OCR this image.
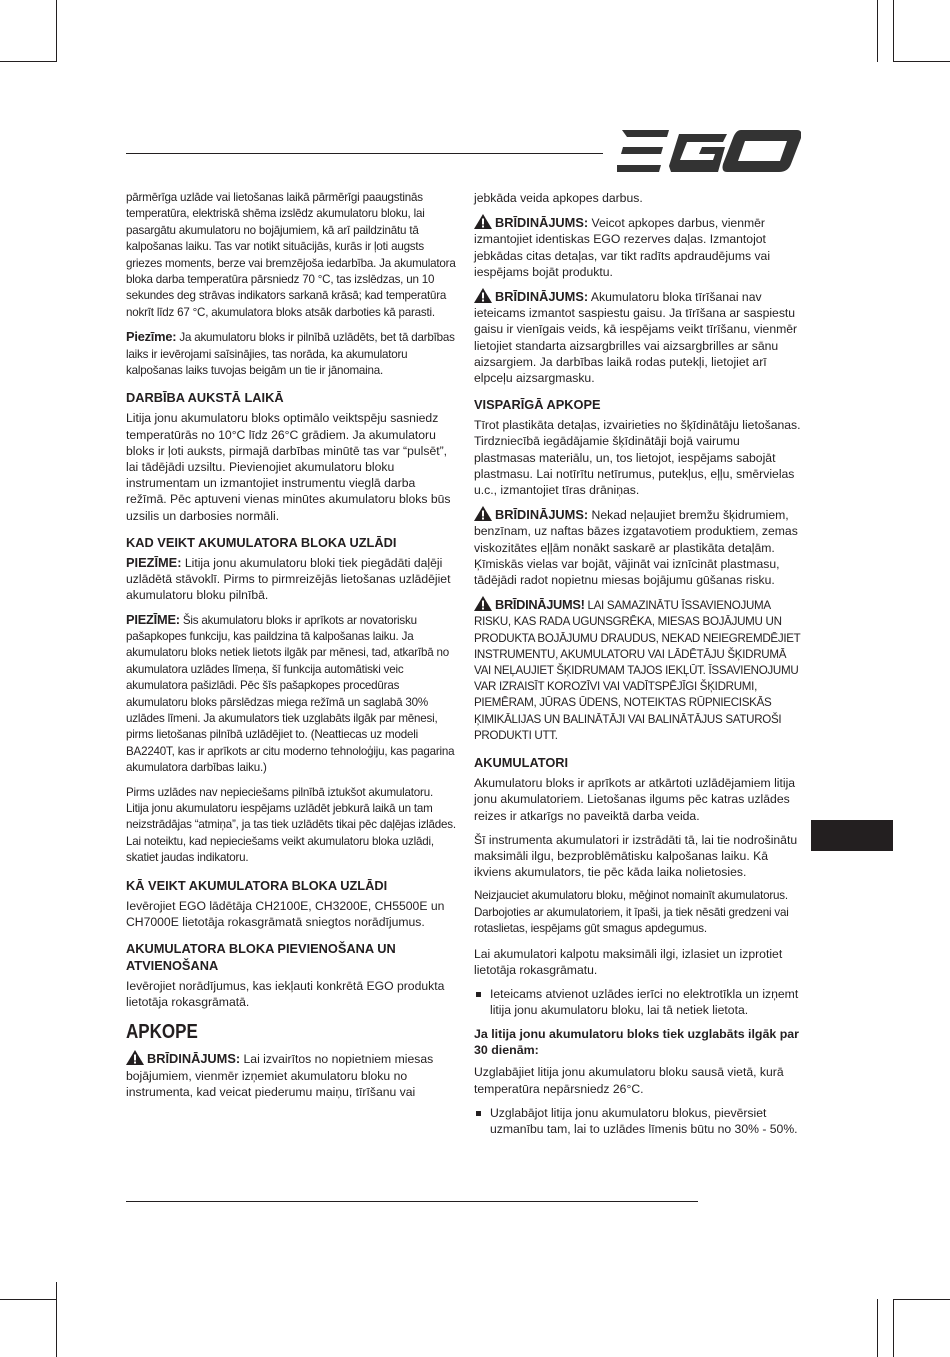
EGO

pārmērīga uzlāde vai lietošanas laikā pārmērīgi paaugstinās temperatūra, elektriskā shēma izslēdz akumulatoru bloku, lai pasargātu akumulatoru no bojājumiem, kā arī paildzinātu tā kalpošanas laiku. Tas var notikt situācijās, kurās ir ļoti augsts griezes moments, berze vai bremzējoša iedarbība. Ja akumulatora bloka darba temperatūra pārsniedz 70 °C, tas izslēdzas, un 10 sekundes deg strāvas indikators sarkanā krāsā; kad temperatūra nokrīt līdz 67 °C, akumulatora bloks atsāk darboties kā parasti.

Piezīme: Ja akumulatoru bloks ir pilnībā uzlādēts, bet tā darbības laiks ir ievērojami saīsinājies, tas norāda, ka akumulatoru kalpošanas laiks tuvojas beigām un tie ir jānomaina.

DARBĪBA AUKSTĀ LAIKĀ

Litija jonu akumulatoru bloks optimālo veiktspēju sasniedz temperatūrās no 10°C līdz 26°C grādiem. Ja akumulatoru bloks ir ļoti auksts, pirmajā darbības minūtē tas var “pulsēt”, lai tādējādi uzsiltu. Pievienojiet akumulatoru bloku instrumentam un izmantojiet instrumentu vieglā darba režīmā. Pēc aptuveni vienas minūtes akumulatoru bloks būs uzsilis un darbosies normāli.

KAD VEIKT AKUMULATORA BLOKA UZLĀDI

PIEZĪME: Litija jonu akumulatoru bloki tiek piegādāti daļēji uzlādētā stāvoklī. Pirms to pirmreizējās lietošanas uzlādējiet akumulatoru bloku pilnībā.

PIEZĪME: Šis akumulatoru bloks ir aprīkots ar novatorisku pašapkopes funkciju, kas paildzina tā kalpošanas laiku. Ja akumulatoru bloks netiek lietots ilgāk par mēnesi, tad, atkarībā no akumulatora uzlādes līmeņa, šī funkcija automātiski veic akumulatora pašizlādi. Pēc šīs pašapkopes procedūras akumulatoru bloks pārslēdzas miega režīmā un saglabā 30% uzlādes līmeni. Ja akumulators tiek uzglabāts ilgāk par mēnesi, pirms lietošanas pilnībā uzlādējiet to. (Neattiecas uz modeli BA2240T, kas ir aprīkots ar citu moderno tehnoloģiju, kas pagarina akumulatora darbības laiku.)

Pirms uzlādes nav nepieciešams pilnībā iztukšot akumulatoru. Litija jonu akumulatoru iespējams uzlādēt jebkurā laikā un tam neizstrādājas “atmiņa”, ja tas tiek uzlādēts tikai pēc daļējas izlādes. Lai noteiktu, kad nepieciešams veikt akumulatoru bloka uzlādi, skatiet jaudas indikatoru.

KĀ VEIKT AKUMULATORA BLOKA UZLĀDI

Ievērojiet EGO lādētāja CH2100E, CH3200E, CH5500E un CH7000E lietotāja rokasgrāmatā sniegtos norādījumus.

AKUMULATORA BLOKA PIEVIENOŠANA UN ATVIENOŠANA

Ievērojiet norādījumus, kas iekļauti konkrētā EGO produkta lietotāja rokasgrāmatā.

APKOPE

BRĪDINĀJUMS: Lai izvairītos no nopietniem miesas bojājumiem, vienmēr izņemiet akumulatoru bloku no instrumenta, kad veicat piederumu maiņu, tīrīšanu vai

jebkāda veida apkopes darbus.

BRĪDINĀJUMS: Veicot apkopes darbus, vienmēr izmantojiet identiskas EGO rezerves daļas. Izmantojot jebkādas citas detaļas, var tikt radīts apdraudējums vai iespējams bojāt produktu.

BRĪDINĀJUMS: Akumulatoru bloka tīrīšanai nav ieteicams izmantot saspiestu gaisu. Ja tīrīšana ar saspiestu gaisu ir vienīgais veids, kā iespējams veikt tīrīšanu, vienmēr lietojiet standarta aizsargbrilles vai aizsargbrilles ar sānu aizsargiem. Ja darbības laikā rodas putekļi, lietojiet arī elpceļu aizsargmasku.

VISPARĪGĀ APKOPE

Tīrot plastikāta detaļas, izvairieties no šķīdinātāju lietošanas. Tirdzniecībā iegādājamie šķīdinātāji bojā vairumu plastmasas materiālu, un, tos lietojot, iespējams sabojāt plastmasu. Lai notīrītu netīrumus, putekļus, eļļu, smērvielas u.c., izmantojiet tīras drāniņas.

BRĪDINĀJUMS: Nekad neļaujiet bremžu šķidrumiem, benzīnam, uz naftas bāzes izgatavotiem produktiem, zemas viskozitātes eļļām nonākt saskarē ar plastikāta detaļām. Ķīmiskās vielas var bojāt, vājināt vai iznīcināt plastmasu, tādējādi radot nopietnu miesas bojājumu gūšanas risku.

BRĪDINĀJUMS! LAI SAMAZINĀTU ĪSSAVIENOJUMA RISKU, KAS RADA UGUNSGRĒKA, MIESAS BOJĀJUMU UN PRODUKTA BOJĀJUMU DRAUDUS, NEKAD NEIEGREMDĒJIET INSTRUMENTU, AKUMULATORU VAI LĀDĒTĀJU ŠĶIDRUMĀ VAI NEĻAUJIET ŠĶIDRUMAM TAJOS IEKĻŪT. ĪSSAVIENOJUMU VAR IZRAISĪT KOROZĪVI VAI VADĪTSPĒJĪGI ŠĶIDRUMI, PIEMĒRAM, JŪRAS ŪDENS, NOTEIKTAS RŪPNIECISKĀS ĶIMIKĀLIJAS UN BALINĀTĀJI VAI BALINĀTĀJUS SATUROŠI PRODUKTI UTT.

AKUMULATORI

Akumulatoru bloks ir aprīkots ar atkārtoti uzlādējamiem litija jonu akumulatoriem. Lietošanas ilgums pēc katras uzlādes reizes ir atkarīgs no paveiktā darba veida.

Šī instrumenta akumulatori ir izstrādāti tā, lai tie nodrošinātu maksimāli ilgu, bezproblēmātisku kalpošanas laiku. Kā ikviens akumulators, tie pēc kāda laika nolietosies.

Neizjauciet akumulatoru bloku, mēģinot nomainīt akumulatorus. Darbojoties ar akumulatoriem, it īpaši, ja tiek nēsāti gredzeni vai rotaslietas, iespējams gūt smagus apdegumus.

Lai akumulatori kalpotu maksimāli ilgi, izlasiet un izprotiet lietotāja rokasgrāmatu.

Ieteicams atvienot uzlādes ierīci no elektrotīkla un izņemt litija jonu akumulatoru bloku, lai tā netiek lietota.
Ja litija jonu akumulatoru bloks tiek uzglabāts ilgāk par 30 dienām:

Uzglabājiet litija jonu akumulatoru bloku sausā vietā, kurā temperatūra nepārsniedz 26°C.

Uzglabājot litija jonu akumulatoru blokus, pievērsiet uzmanību tam, lai to uzlādes līmenis būtu no 30% - 50%.
